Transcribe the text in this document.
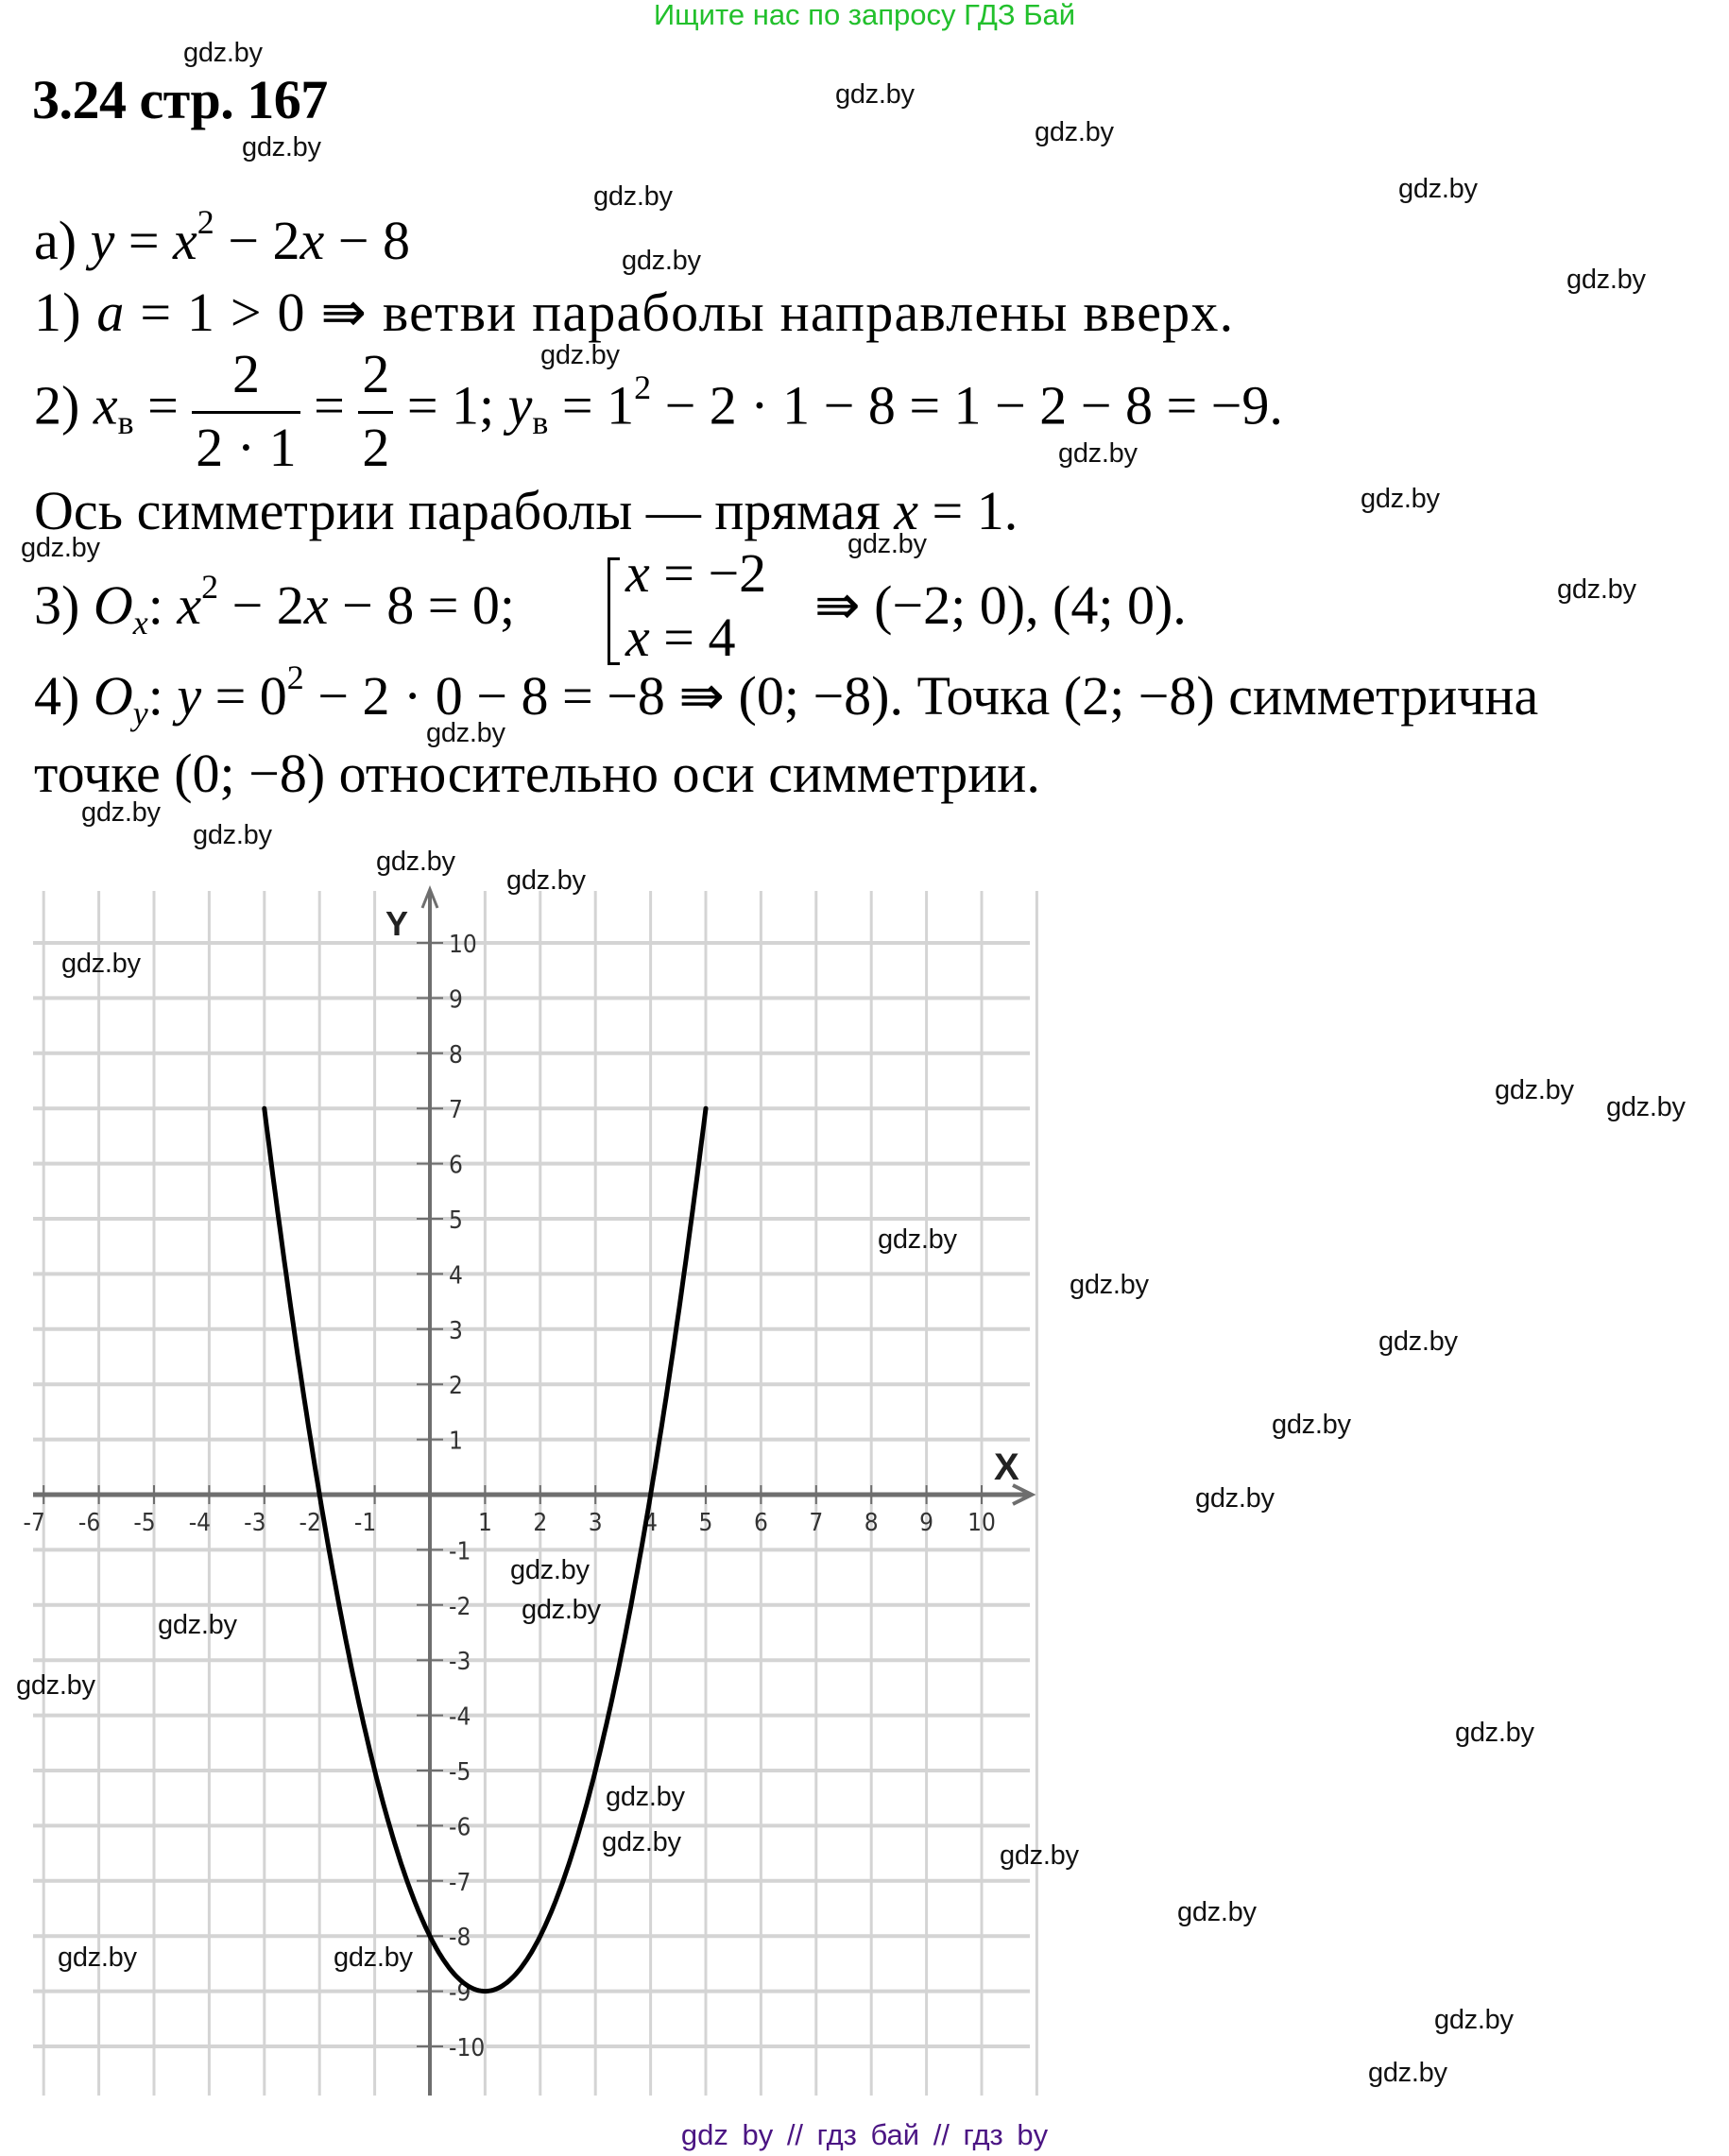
Ищите нас по запросу ГДЗ Бай
3.24 стр. 167
а) $y = x^2 - 2x - 8$
1) a = 1 > 0 ⇛ ветви параболы направлены вверх.
2) xв = $\frac{2}{2 \cdot 1} = \frac{2}{2} = 1$; yв = $1^2 - 2 \cdot 1 - 8 = 1 - 2 - 8 = -9$.
Ось симметрии параболы — прямая x = 1.
3) Ox: $x^2 - 2x - 8 = 0$;
x = −2
x = 4
⇛ (−2; 0), (4; 0).
4) Oy: $y = 0^2 - 2 \cdot 0 - 8 = -8$ ⇛ (0; −8). Точка (2; −8) симметрична
точке (0; −8) относительно оси симметрии.
X
Y
-7 -6 -5 -4 -3 -2 -1	1 2 3 4 5 6 7 8 9 10
10
9
8
7
6
5
4
3
2
1
-1
-2
-3
-4
-5
-6
-7
-8
-9
-10
gdz.by
gdz.by
gdz.by	gdz.by
gdz.by	gdz.by
gdz.by
gdz.by
gdz.by
gdz.by
gdz.by
gdz.by	gdz.by
gdz.by
gdz.by
gdz.by
gdz.by
gdz.by
gdz.by
gdz.by
gdz.by
gdz.by
gdz.by
gdz.by
gdz.by
gdz.by
gdz.by
gdz.by
gdz.by
gdz.by
gdz.by
gdz.by
gdz.by
gdz.by	gdz.by
gdz.by
gdz.by	gdz.by
gdz.by
gdz.by
gdz by // гдз бай // гдз by
